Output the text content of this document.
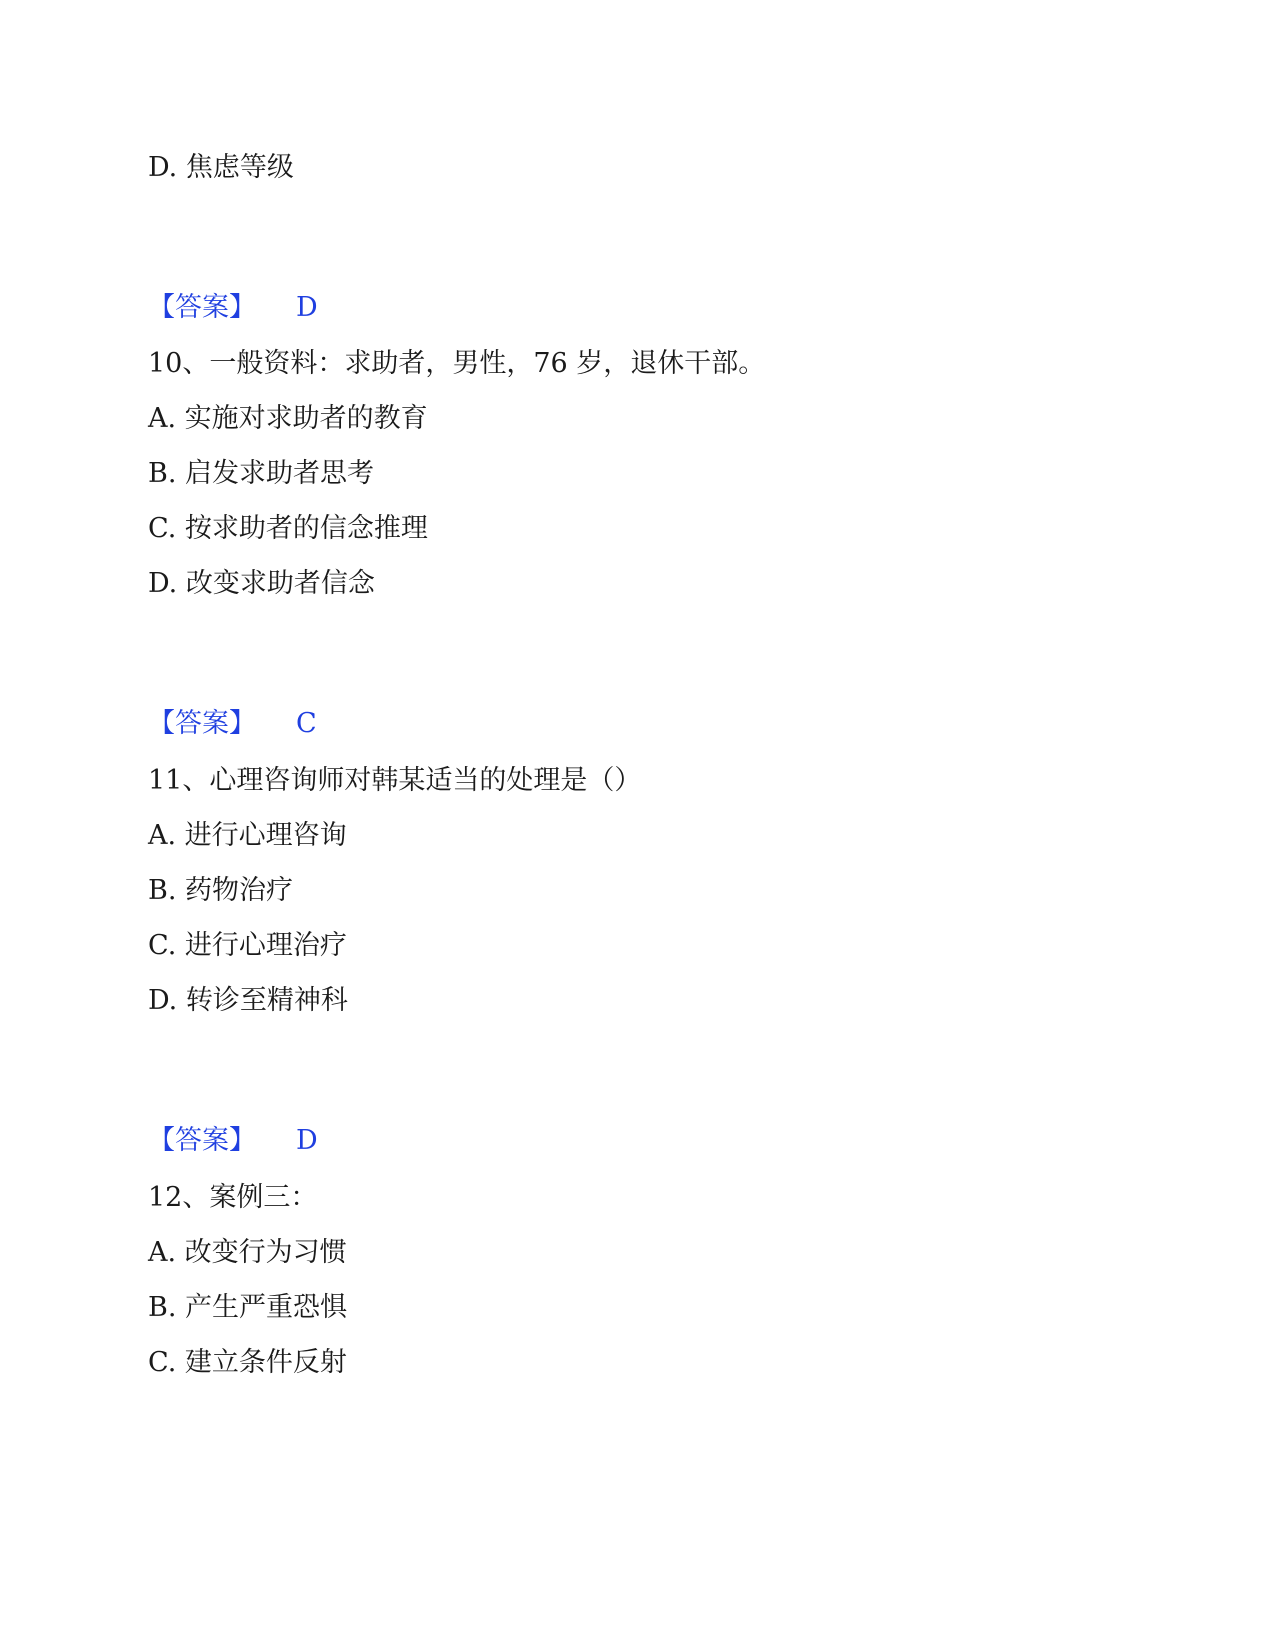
D. 焦虑等级
【答案】 D
10、一般资料：求助者，男性，76 岁，退休干部。
A. 实施对求助者的教育
B. 启发求助者思考
C. 按求助者的信念推理
D. 改变求助者信念
【答案】 C
11、心理咨询师对韩某适当的处理是（）
A. 进行心理咨询
B. 药物治疗
C. 进行心理治疗
D. 转诊至精神科
【答案】 D
12、案例三：
A. 改变行为习惯
B. 产生严重恐惧
C. 建立条件反射
